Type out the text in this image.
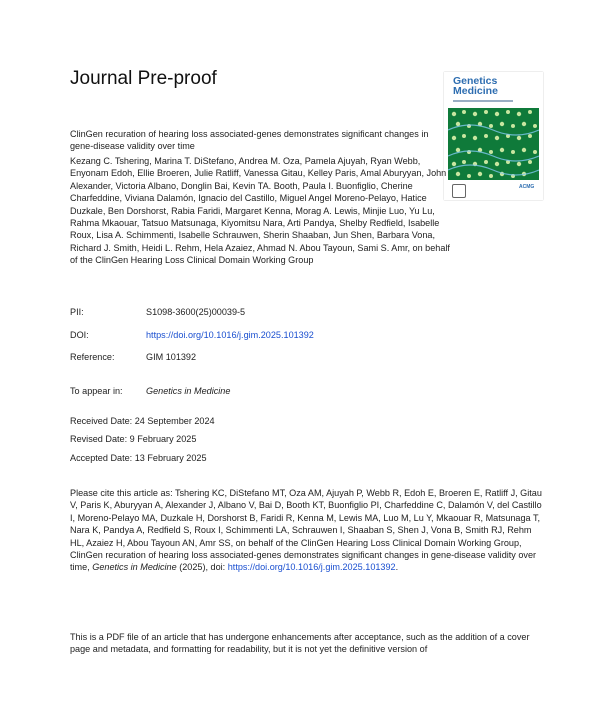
Journal Pre-proof	Genetics
Medicine
ACMG
ClinGen recuration of hearing loss associated-genes demonstrates significant changes in gene-disease validity over time
Kezang C. Tshering, Marina T. DiStefano, Andrea M. Oza, Pamela Ajuyah, Ryan Webb, Enyonam Edoh, Ellie Broeren, Julie Ratliff, Vanessa Gitau, Kelley Paris, Amal Aburyyan, John Alexander, Victoria Albano, Donglin Bai, Kevin TA. Booth, Paula I. Buonfiglio, Cherine Charfeddine, Viviana Dalamón, Ignacio del Castillo, Miguel Angel Moreno-Pelayo, Hatice Duzkale, Ben Dorshorst, Rabia Faridi, Margaret Kenna, Morag A. Lewis, Minjie Luo, Yu Lu, Rahma Mkaouar, Tatsuo Matsunaga, Kiyomitsu Nara, Arti Pandya, Shelby Redfield, Isabelle Roux, Lisa A. Schimmenti, Isabelle Schrauwen, Sherin Shaaban, Jun Shen, Barbara Vona, Richard J. Smith, Heidi L. Rehm, Hela Azaiez, Ahmad N. Abou Tayoun, Sami S. Amr, on behalf of the ClinGen Hearing Loss Clinical Domain Working Group
PII:	S1098-3600(25)00039-5
DOI:	https://doi.org/10.1016/j.gim.2025.101392
Reference:	GIM 101392
To appear in:	Genetics in Medicine
Received Date: 24 September 2024
Revised Date: 9 February 2025
Accepted Date: 13 February 2025
Please cite this article as: Tshering KC, DiStefano MT, Oza AM, Ajuyah P, Webb R, Edoh E, Broeren E, Ratliff J, Gitau V, Paris K, Aburyyan A, Alexander J, Albano V, Bai D, Booth KT, Buonfiglio PI, Charfeddine C, Dalamón V, del Castillo I, Moreno-Pelayo MA, Duzkale H, Dorshorst B, Faridi R, Kenna M, Lewis MA, Luo M, Lu Y, Mkaouar R, Matsunaga T, Nara K, Pandya A, Redfield S, Roux I, Schimmenti LA, Schrauwen I, Shaaban S, Shen J, Vona B, Smith RJ, Rehm HL, Azaiez H, Abou Tayoun AN, Amr SS, on behalf of the ClinGen Hearing Loss Clinical Domain Working Group, ClinGen recuration of hearing loss associated-genes demonstrates significant changes in gene-disease validity over time, Genetics in Medicine (2025), doi: https://doi.org/10.1016/j.gim.2025.101392.
This is a PDF file of an article that has undergone enhancements after acceptance, such as the addition of a cover page and metadata, and formatting for readability, but it is not yet the definitive version of
